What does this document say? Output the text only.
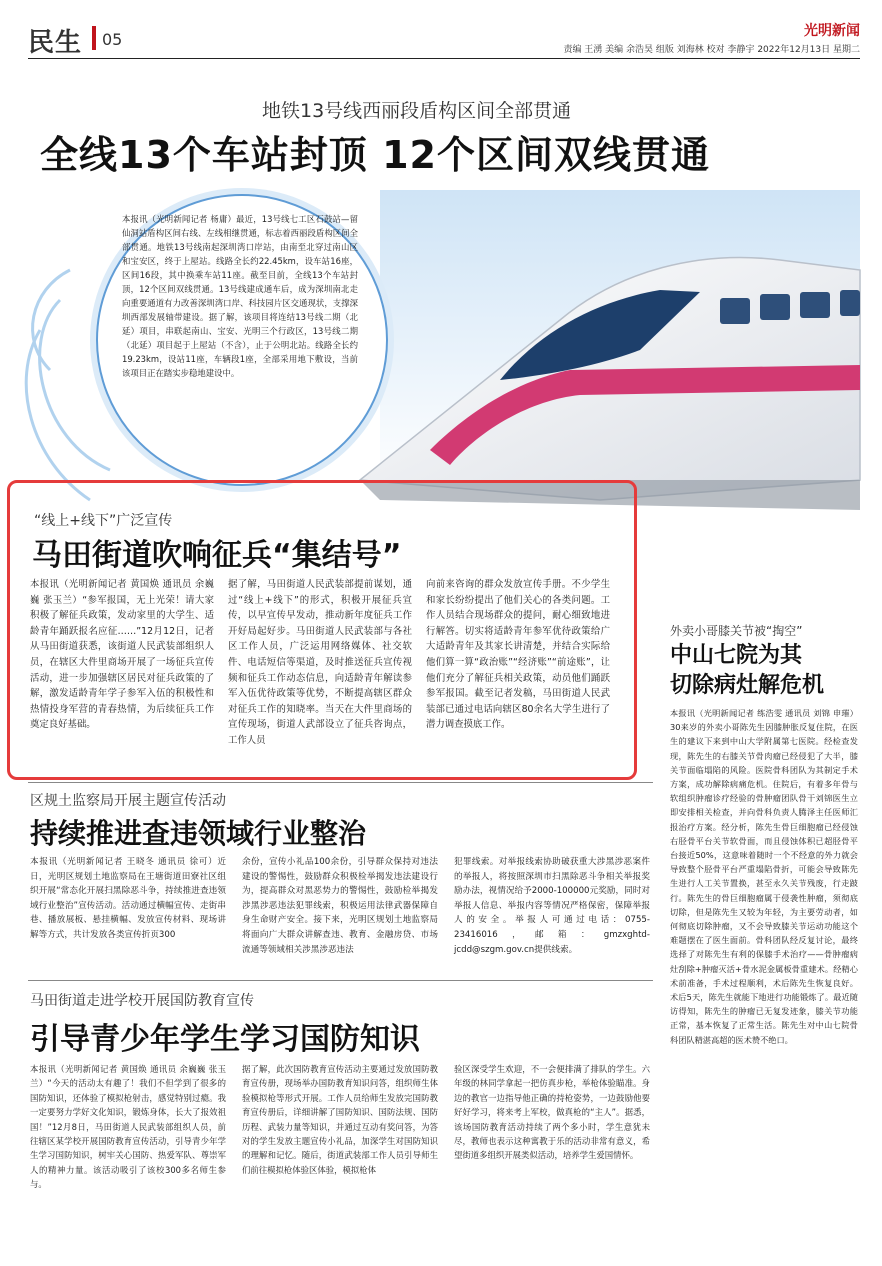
民生 05	光明新闻
责编 王湧 美编 余浩昊 组版 刘海林 校对 李静宇 2022年12月13日 星期二
地铁13号线西丽段盾构区间全部贯通
全线13个车站封顶 12个区间双线贯通
本报讯（光明新闻记者 杨庸）最近，13号线七工区石鼓站—留仙洞站盾构区间右线、左线相继贯通，标志着西丽段盾构区间全部贯通。地铁13号线南起深圳湾口岸站，由南至北穿过南山区和宝安区，终于上屋站。线路全长约22.45km，设车站16座，区间16段，其中换乘车站11座。截至目前，全线13个车站封顶，12个区间双线贯通。13号线建成通车后，成为深圳南北走向重要通道有力改善深圳湾口岸、科技园片区交通现状，支撑深圳西部发展轴带建设。据了解，该项目将连结13号线二期（北延）项目，串联起南山、宝安、光明三个行政区，13号线二期（北延）项目起于上屋站（不含），止于公明北站。线路全长约19.23km，设站11座，车辆段1座，全部采用地下敷设，当前该项目正在踏实步稳地建设中。
“线上+线下”广泛宣传
马田街道吹响征兵“集结号”
本报讯（光明新闻记者 黄国焕 通讯员 余巍巍 张玉兰）“参军报国，无上光荣！请大家积极了解征兵政策，发动家里的大学生、适龄青年踊跃报名应征……”12月12日，记者从马田街道获悉，该街道人民武装部组织人员，在辖区大件里商场开展了一场征兵宣传活动，进一步加强辖区居民对征兵政策的了解，激发适龄青年学子参军入伍的积极性和热情投身军营的青春热情，为后续征兵工作奠定良好基础。
据了解，马田街道人民武装部提前谋划，通过“线上+线下”的形式，积极开展征兵宣传，以早宣传早发动，推动新年度征兵工作开好局起好步。马田街道人民武装部与各社区工作人员，广泛运用网络媒体、社交软件、电话短信等渠道，及时推送征兵宣传视频和征兵工作动态信息，向适龄青年解读参军入伍优待政策等优势，不断提高辖区群众对征兵工作的知晓率。当天在大件里商场的宣传现场，街道人武部设立了征兵咨询点，工作人员
向前来咨询的群众发放宣传手册。不少学生和家长纷纷提出了他们关心的各类问题。工作人员结合现场群众的提问，耐心细致地进行解答。切实将适龄青年参军优待政策给广大适龄青年及其家长讲清楚，并结合实际给他们算一算“政治账”“经济账”“前途账”，让他们充分了解征兵相关政策，动员他们踊跃参军报国。截至记者发稿，马田街道人民武装部已通过电话向辖区80余名大学生进行了潜力调查摸底工作。
外卖小哥膝关节被“掏空”
中山七院为其
切除病灶解危机
本报讯（光明新闻记者 练浩雯 通讯员 刘锦 申璀）30来岁的外卖小哥陈先生因膝肿胀反复住院，在医生的建议下来到中山大学附属第七医院。经检查发现，陈先生的右膝关节骨肉瘤已经侵犯了大半，膝关节面临塌陷的风险。医院骨科团队为其制定手术方案，成功解除病痛危机。住院后，有着多年骨与软组织肿瘤诊疗经验的骨肿瘤团队骨干刘锦医生立即安排相关检查，并向骨科负责人腾泽主任医师汇报治疗方案。经分析，陈先生骨巨细胞瘤已经侵蚀右胫骨平台关节软骨面，而且侵蚀体积已超胫骨平台接近50%，这意味着随时一个不经意的外力就会导致整个胫骨平台严重塌陷骨折，可能会导致陈先生进行人工关节置换，甚至永久关节残废，行走跛行。陈先生的骨巨细胞瘤属于侵袭性肿瘤，须彻底切除，但是陈先生又较为年轻，为主要劳动者，如何彻底切除肿瘤，又不会导致膝关节运动功能这个难题摆在了医生面前。骨科团队经反复讨论，最终选择了对陈先生有利的保膝手术治疗——骨肿瘤病灶刮除+肿瘤灭活+骨水泥金属板骨重建术。经精心术前准备，手术过程顺利，术后陈先生恢复良好。术后5天，陈先生就能下地进行功能锻炼了。最近随访得知，陈先生的肿瘤已无复发迹象，膝关节功能正常，基本恢复了正常生活。陈先生对中山七院骨科团队精湛高超的医术赞不绝口。
区规土监察局开展主题宣传活动
持续推进查违领域行业整治
本报讯（光明新闻记者 王晓冬 通讯员 徐可）近日，光明区规划土地监察局在王塘街道田寮社区组织开展“常态化开展扫黑除恶斗争，持续推进查违领域行业整治”宣传活动。活动通过横幅宣传、走街串巷、播放展板、悬挂横幅、发放宣传材料、现场讲解等方式，共计发放各类宣传折页300
余份，宣传小礼品100余份，引导群众保持对违法建设的警惕性，鼓励群众积极检举揭发违法建设行为，提高群众对黑恶势力的警惕性，鼓励检举揭发涉黑涉恶违法犯罪线索，积极运用法律武器保障自身生命财产安全。接下来，光明区规划土地监察局将面向广大群众讲解查违、教育、金融房贷、市场流通等领域相关涉黑涉恶违法
犯罪线索。对举报线索协助破获重大涉黑涉恶案件的举报人，将按照深圳市扫黑除恶斗争相关举报奖励办法，视情况给予2000-100000元奖励，同时对举报人信息、举报内容等情况严格保密，保障举报人的安全。举报人可通过电话：0755-23416016，邮箱：gmzxghtd-jcdd@szgm.gov.cn提供线索。
马田街道走进学校开展国防教育宣传
引导青少年学生学习国防知识
本报讯（光明新闻记者 黄国焕 通讯员 余巍巍 张玉兰）“今天的活动太有趣了！我们不但学到了很多的国防知识，还体验了模拟枪射击，感觉特别过瘾。我一定要努力学好文化知识，锻炼身体，长大了报效祖国！”12月8日，马田街道人民武装部组织人员，前往辖区某学校开展国防教育宣传活动，引导青少年学生学习国防知识，树牢关心国防、热爱军队、尊崇军人的精神力量。该活动吸引了该校300多名师生参与。
据了解，此次国防教育宣传活动主要通过发放国防教育宣传册，现场举办国防教育知识问答，组织师生体验模拟枪等形式开展。工作人员给师生发放完国防教育宣传册后，详细讲解了国防知识、国防法规、国防历程、武装力量等知识，并通过互动有奖问答，为答对的学生发放主题宣传小礼品，加深学生对国防知识的理解和记忆。随后，街道武装部工作人员引导师生们前往模拟枪体验区体验，模拟枪体
验区深受学生欢迎，不一会便排满了排队的学生。六年级的林同学拿起一把仿真步枪，举枪体验瞄准。身边的教官一边指导他正确的持枪姿势，一边鼓励他要好好学习，将来考上军校，做真枪的“主人”。据悉，该场国防教育活动持续了两个多小时，学生意犹未尽，教师也表示这种寓教于乐的活动非常有意义，希望街道多组织开展类似活动，培养学生爱国情怀。
